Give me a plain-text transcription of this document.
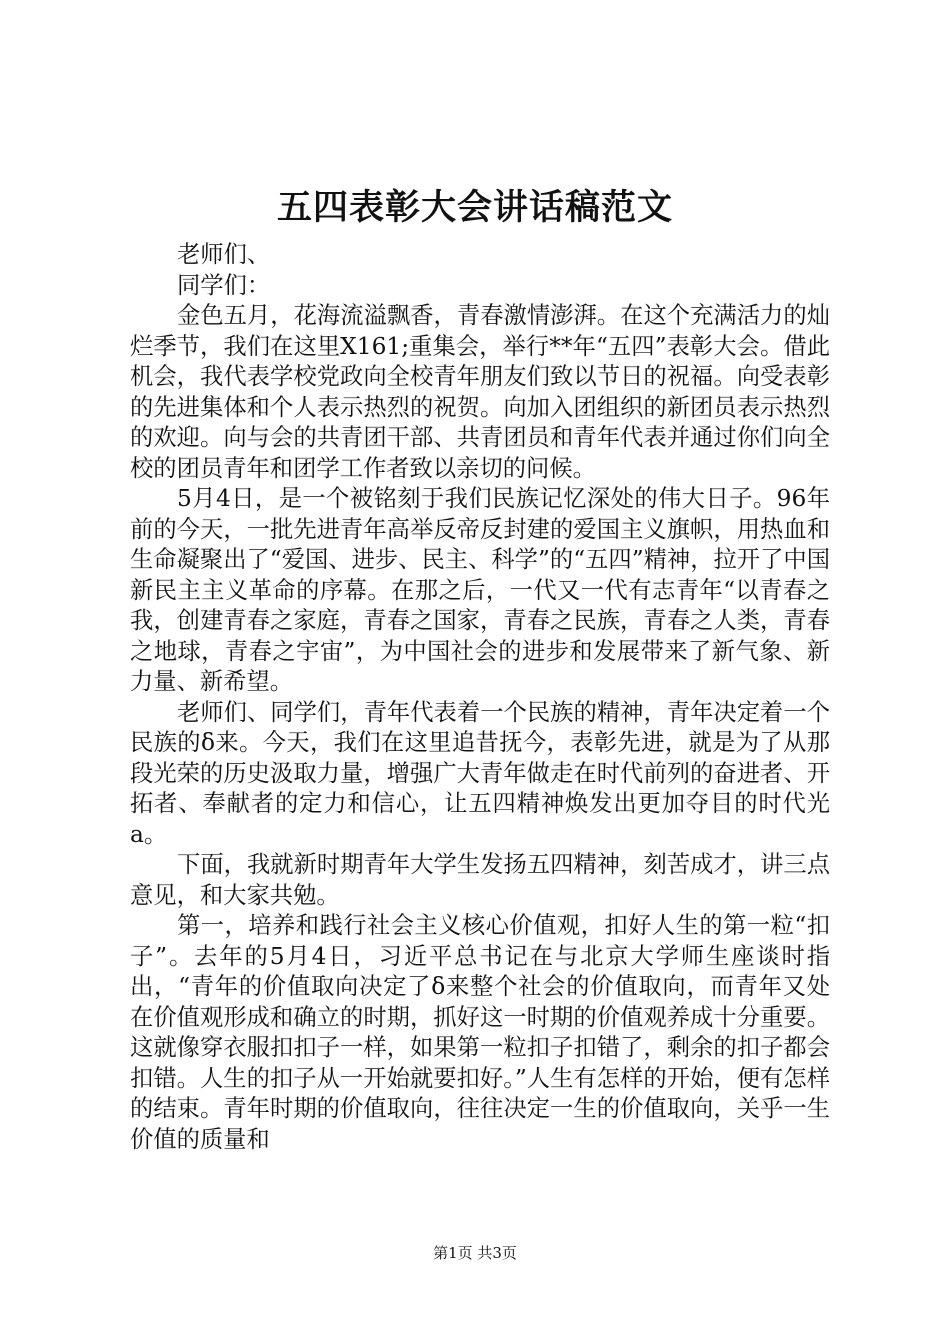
五四表彰大会讲话稿范文

老师们、

同学们：

金色五月，花海流溢飘香，青春激情澎湃。在这个充满活力的灿烂季节，我们在这里X161;重集会，举行**年“五四”表彰大会。借此机会，我代表学校党政向全校青年朋友们致以节日的祝福。向受表彰的先进集体和个人表示热烈的祝贺。向加入团组织的新团员表示热烈的欢迎。向与会的共青团干部、共青团员和青年代表并通过你们向全校的团员青年和团学工作者致以亲切的问候。

5月4日，是一个被铭刻于我们民族记忆深处的伟大日子。96年前的今天，一批先进青年高举反帝反封建的爱国主义旗帜，用热血和生命凝聚出了“爱国、进步、民主、科学”的“五四”精神，拉开了中国新民主主义革命的序幕。在那之后，一代又一代有志青年“以青春之我，创建青春之家庭，青春之国家，青春之民族，青春之人类，青春之地球，青春之宇宙”，为中国社会的进步和发展带来了新气象、新力量、新希望。

老师们、同学们，青年代表着一个民族的精神，青年决定着一个民族的δ来。今天，我们在这里追昔抚今，表彰先进，就是为了从那段光荣的历史汲取力量，增强广大青年做走在时代前列的奋进者、开拓者、奉献者的定力和信心，让五四精神焕发出更加夺目的时代光a。

下面，我就新时期青年大学生发扬五四精神，刻苦成才，讲三点意见，和大家共勉。

第一，培养和践行社会主义核心价值观，扣好人生的第一粒“扣子”。去年的5月4日，习近平总书记在与北京大学师生座谈时指出，“青年的价值取向决定了δ来整个社会的价值取向，而青年又处在价值观形成和确立的时期，抓好这一时期的价值观养成十分重要。这就像穿衣服扣扣子一样，如果第一粒扣子扣错了，剩余的扣子都会扣错。人生的扣子从一开始就要扣好。”人生有怎样的开始，便有怎样的结束。青年时期的价值取向，往往决定一生的价值取向，关乎一生价值的质量和

第1页 共3页
